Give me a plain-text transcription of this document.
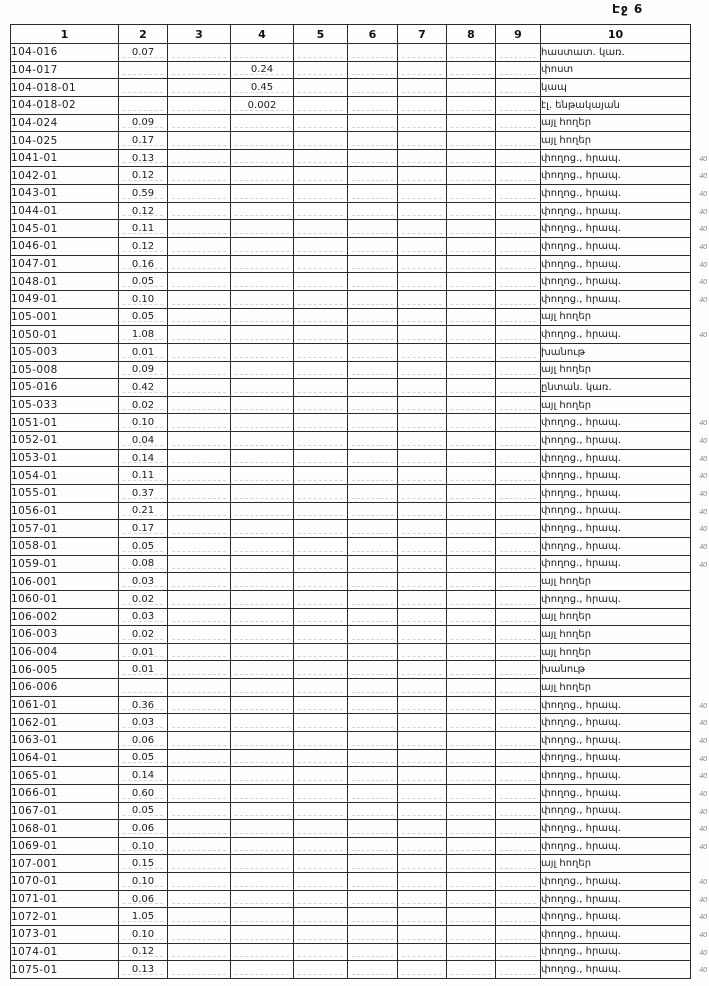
Էջ 6
1	2	3	4	5	6	7	8	9	10
104-016	0.07								հաստատ. կառ.

104-017			0.24						փոստ

104-018-01			0.45						կապ

104-018-02			0.002						էլ. ենթակայան

104-024	0.09								այլ հողեր

104-025	0.17								այլ հողեր

1041-01	0.13								փողոց., հրապ. 40

1042-01	0.12								փողոց., հրապ. 40

1043-01	0.59								փողոց., հրապ. 40

1044-01	0.12								փողոց., հրապ. 40

1045-01	0.11								փողոց., հրապ. 40

1046-01	0.12								փողոց., հրապ. 40

1047-01	0.16								փողոց., հրապ. 40

1048-01	0.05								փողոց., հրապ. 40

1049-01	0.10								փողոց., հրապ. 40

105-001	0.05								այլ հողեր

1050-01	1.08								փողոց., հրապ. 40

105-003	0.01								խանութ

105-008	0.09								այլ հողեր

105-016	0.42								ընտան. կառ.

105-033	0.02								այլ հողեր

1051-01	0.10								փողոց., հրապ. 40

1052-01	0.04								փողոց., հրապ. 40

1053-01	0.14								փողոց., հրապ. 40

1054-01	0.11								փողոց., հրապ. 40

1055-01	0.37								փողոց., հրապ. 40

1056-01	0.21								փողոց., հրապ. 40

1057-01	0.17								փողոց., հրապ. 40

1058-01	0.05								փողոց., հրապ. 40

1059-01	0.08								փողոց., հրապ. 40

106-001	0.03								այլ հողեր

1060-01	0.02								փողոց., հրապ.

106-002	0.03								այլ հողեր

106-003	0.02								այլ հողեր

106-004	0.01								այլ հողեր

106-005	0.01								խանութ

106-006									այլ հողեր

1061-01	0.36								փողոց., հրապ. 40

1062-01	0.03								փողոց., հրապ. 40

1063-01	0.06								փողոց., հրապ. 40

1064-01	0.05								փողոց., հրապ. 40

1065-01	0.14								փողոց., հրապ. 40

1066-01	0.60								փողոց., հրապ. 40

1067-01	0.05								փողոց., հրապ. 40

1068-01	0.06								փողոց., հրապ. 40

1069-01	0.10								փողոց., հրապ. 40

107-001	0.15								այլ հողեր

1070-01	0.10								փողոց., հրապ. 40

1071-01	0.06								փողոց., հրապ. 40

1072-01	1.05								փողոց., հրապ. 40

1073-01	0.10								փողոց., հրապ. 40

1074-01	0.12								փողոց., հրապ. 40

1075-01	0.13								փողոց., հրապ. 40
